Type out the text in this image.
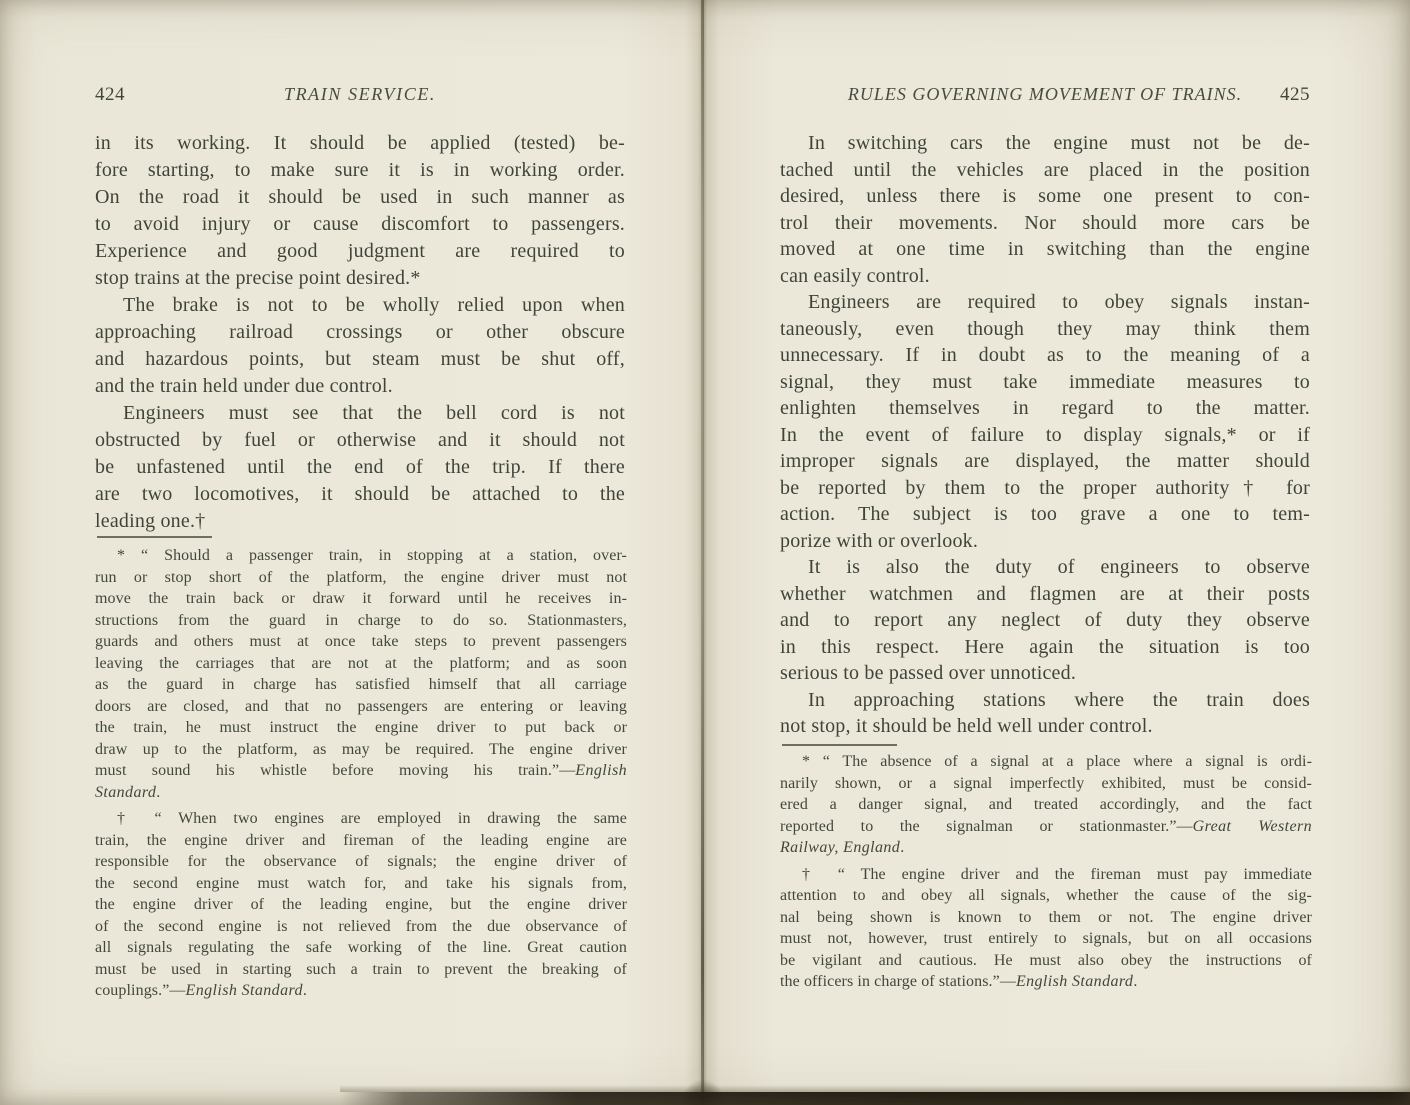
424	TRAIN SERVICE.
in its working. It should be applied (tested) be-
fore starting, to make sure it is in working order.
On the road it should be used in such manner as
to avoid injury or cause discomfort to passengers.
Experience and good judgment are required to
stop trains at the precise point desired.*
The brake is not to be wholly relied upon when
approaching railroad crossings or other obscure
and hazardous points, but steam must be shut off,
and the train held under due control.
Engineers must see that the bell cord is not
obstructed by fuel or otherwise and it should not
be unfastened until the end of the trip. If there
are two locomotives, it should be attached to the
leading one.†
* “ Should a passenger train, in stopping at a station, over-
run or stop short of the platform, the engine driver must not
move the train back or draw it forward until he receives in-
structions from the guard in charge to do so. Stationmasters,
guards and others must at once take steps to prevent passengers
leaving the carriages that are not at the platform; and as soon
as the guard in charge has satisfied himself that all carriage
doors are closed, and that no passengers are entering or leaving
the train, he must instruct the engine driver to put back or
draw up to the platform, as may be required. The engine driver
must sound his whistle before moving his train.”—English
Standard.
† “ When two engines are employed in drawing the same
train, the engine driver and fireman of the leading engine are
responsible for the observance of signals; the engine driver of
the second engine must watch for, and take his signals from,
the engine driver of the leading engine, but the engine driver
of the second engine is not relieved from the due observance of
all signals regulating the safe working of the line. Great caution
must be used in starting such a train to prevent the breaking of
couplings.”—English Standard.
RULES GOVERNING MOVEMENT OF TRAINS.	425
In switching cars the engine must not be de-
tached until the vehicles are placed in the position
desired, unless there is some one present to con-
trol their movements. Nor should more cars be
moved at one time in switching than the engine
can easily control.
Engineers are required to obey signals instan-
taneously, even though they may think them
unnecessary. If in doubt as to the meaning of a
signal, they must take immediate measures to
enlighten themselves in regard to the matter.
In the event of failure to display signals,* or if
improper signals are displayed, the matter should
be reported by them to the proper authority† for
action. The subject is too grave a one to tem-
porize with or overlook.
It is also the duty of engineers to observe
whether watchmen and flagmen are at their posts
and to report any neglect of duty they observe
in this respect. Here again the situation is too
serious to be passed over unnoticed.
In approaching stations where the train does
not stop, it should be held well under control.
* “ The absence of a signal at a place where a signal is ordi-
narily shown, or a signal imperfectly exhibited, must be consid-
ered a danger signal, and treated accordingly, and the fact
reported to the signalman or stationmaster.”—Great Western
Railway, England.
† “ The engine driver and the fireman must pay immediate
attention to and obey all signals, whether the cause of the sig-
nal being shown is known to them or not. The engine driver
must not, however, trust entirely to signals, but on all occasions
be vigilant and cautious. He must also obey the instructions of
the officers in charge of stations.”—English Standard.
